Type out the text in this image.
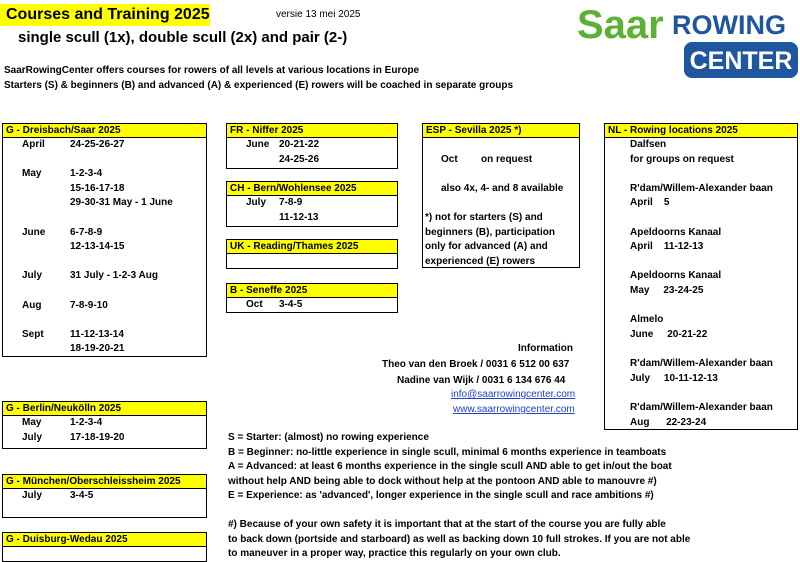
Courses and Training 2025	versie 13 mei 2025
single scull (1x), double scull (2x) and pair (2-)
SaarRowingCenter offers courses for rowers of all levels at various locations in Europe
Starters (S) & beginners (B) and advanced (A) & experienced (E) rowers will be coached in separate groups
Saar ROWING
CENTER
G - Dreisbach/Saar 2025
April	24-25-26-27
May	1-2-3-4
15-16-17-18
29-30-31 May - 1 June
June 6-7-8-9
12-13-14-15
July	31 July - 1-2-3 Aug
Aug	7-8-9-10
Sept	11-12-13-14
18-19-20-21
FR - Niffer 2025
June 20-21-22
24-25-26
CH - Bern/Wohlensee 2025
July 7-8-9
11-12-13
UK - Reading/Thames 2025
B - Seneffe 2025
Oct 3-4-5
ESP - Sevilla 2025 *)
Oct on request
also 4x, 4- and 8 available
*) not for starters (S) and
beginners (B), participation
only for advanced (A) and
experienced (E) rowers
NL - Rowing locations 2025
Dalfsen
for groups on request
R'dam/Willem-Alexander baan
April    5
Apeldoorns Kanaal
April    11-12-13
Apeldoorns Kanaal
May     23-24-25
Almelo
June     20-21-22
R'dam/Willem-Alexander baan
July     10-11-12-13
R'dam/Willem-Alexander baan
Aug      22-23-24
Information
Theo van den Broek / 0031 6 512 00 637
Nadine van Wijk / 0031 6 134 676 44
info@saarrowingcenter.com
www.saarrowingcenter.com
G - Berlin/Neukölln 2025
May	1-2-3-4
July	17-18-19-20
G - München/Oberschleissheim 2025
July	3-4-5
G - Duisburg-Wedau 2025
S = Starter: (almost) no rowing experience
B = Beginner: no-little experience in single scull, minimal 6 months experience in teamboats
A = Advanced: at least 6 months experience in the single scull AND able to get in/out the boat
without help AND being able to dock without help at the pontoon AND able to manouvre #)
E = Experience: as 'advanced', longer experience in the single scull and race ambitions #)
#) Because of your own safety it is important that at the start of the course you are fully able
to back down (portside and starboard) as well as backing down 10 full strokes. If you are not able
to maneuver in a proper way, practice this regularly on your own club.
